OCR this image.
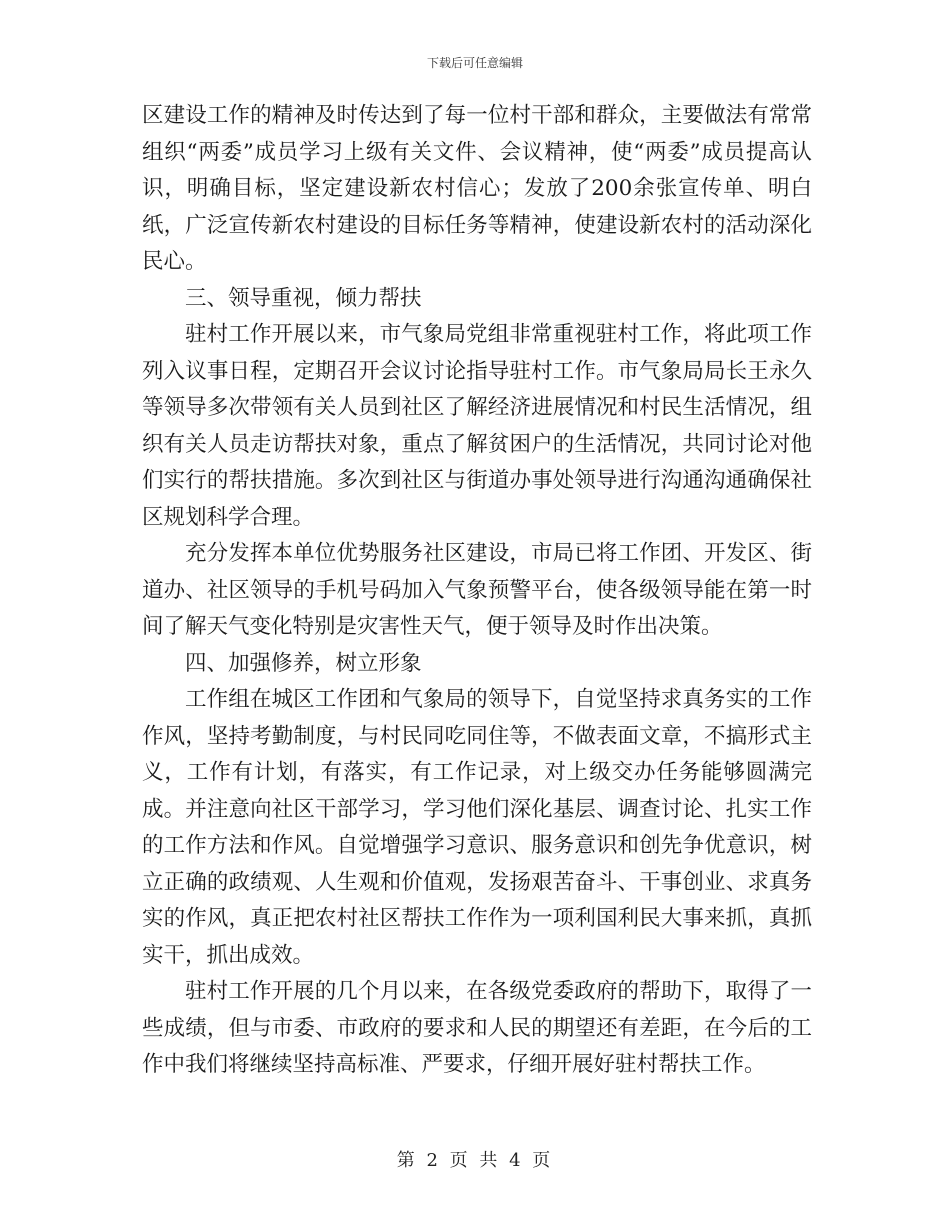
下载后可任意编辑

区建设工作的精神及时传达到了每一位村干部和群众，主要做法有常常组织“两委”成员学习上级有关文件、会议精神，使“两委”成员提高认识，明确目标，坚定建设新农村信心；发放了200余张宣传单、明白纸，广泛宣传新农村建设的目标任务等精神，使建设新农村的活动深化民心。

三、领导重视，倾力帮扶

驻村工作开展以来，市气象局党组非常重视驻村工作，将此项工作列入议事日程，定期召开会议讨论指导驻村工作。市气象局局长王永久等领导多次带领有关人员到社区了解经济进展情况和村民生活情况，组织有关人员走访帮扶对象，重点了解贫困户的生活情况，共同讨论对他们实行的帮扶措施。多次到社区与街道办事处领导进行沟通沟通确保社区规划科学合理。

充分发挥本单位优势服务社区建设，市局已将工作团、开发区、街道办、社区领导的手机号码加入气象预警平台，使各级领导能在第一时间了解天气变化特别是灾害性天气，便于领导及时作出决策。

四、加强修养，树立形象

工作组在城区工作团和气象局的领导下，自觉坚持求真务实的工作作风，坚持考勤制度，与村民同吃同住等，不做表面文章，不搞形式主义，工作有计划，有落实，有工作记录，对上级交办任务能够圆满完成。并注意向社区干部学习，学习他们深化基层、调查讨论、扎实工作的工作方法和作风。自觉增强学习意识、服务意识和创先争优意识，树立正确的政绩观、人生观和价值观，发扬艰苦奋斗、干事创业、求真务实的作风，真正把农村社区帮扶工作作为一项利国利民大事来抓，真抓实干，抓出成效。

驻村工作开展的几个月以来，在各级党委政府的帮助下，取得了一些成绩，但与市委、市政府的要求和人民的期望还有差距，在今后的工作中我们将继续坚持高标准、严要求，仔细开展好驻村帮扶工作。

第 2 页 共 4 页
